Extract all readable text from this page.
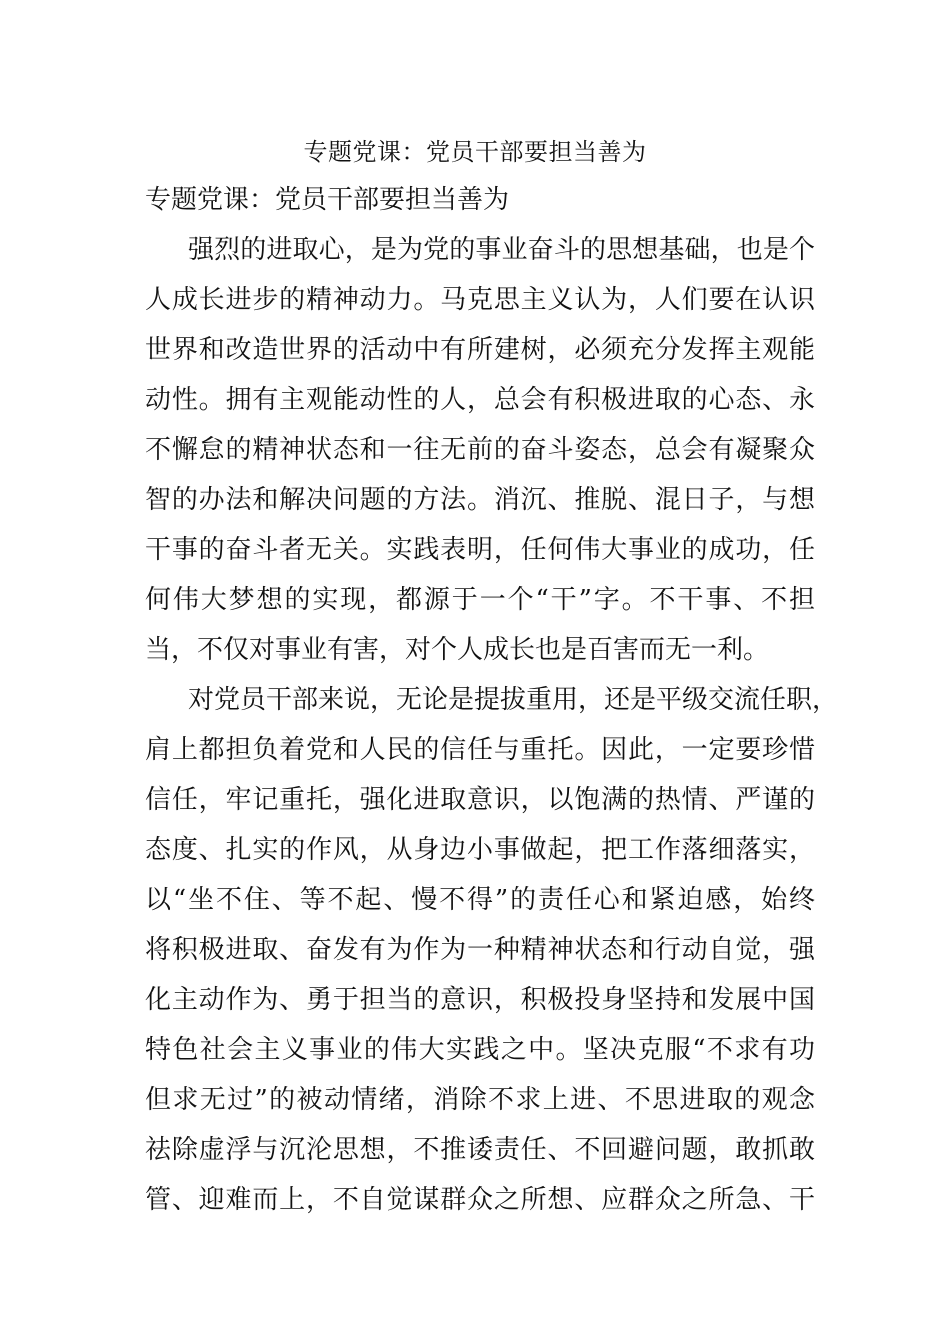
专题党课：党员干部要担当善为
专题党课：党员干部要担当善为
强烈的进取心，是为党的事业奋斗的思想基础，也是个
人成长进步的精神动力。马克思主义认为，人们要在认识
世界和改造世界的活动中有所建树，必须充分发挥主观能
动性。拥有主观能动性的人，总会有积极进取的心态、永
不懈怠的精神状态和一往无前的奋斗姿态，总会有凝聚众
智的办法和解决问题的方法。消沉、推脱、混日子，与想
干事的奋斗者无关。实践表明，任何伟大事业的成功，任
何伟大梦想的实现，都源于一个“干”字。不干事、不担
当，不仅对事业有害，对个人成长也是百害而无一利。
对党员干部来说，无论是提拔重用，还是平级交流任职，
肩上都担负着党和人民的信任与重托。因此，一定要珍惜
信任，牢记重托，强化进取意识，以饱满的热情、严谨的
态度、扎实的作风，从身边小事做起，把工作落细落实，
以“坐不住、等不起、慢不得”的责任心和紧迫感，始终
将积极进取、奋发有为作为一种精神状态和行动自觉，强
化主动作为、勇于担当的意识，积极投身坚持和发展中国
特色社会主义事业的伟大实践之中。坚决克服“不求有功
但求无过”的被动情绪，消除不求上进、不思进取的观念
祛除虚浮与沉沦思想，不推诿责任、不回避问题，敢抓敢
管、迎难而上，不自觉谋群众之所想、应群众之所急、干
